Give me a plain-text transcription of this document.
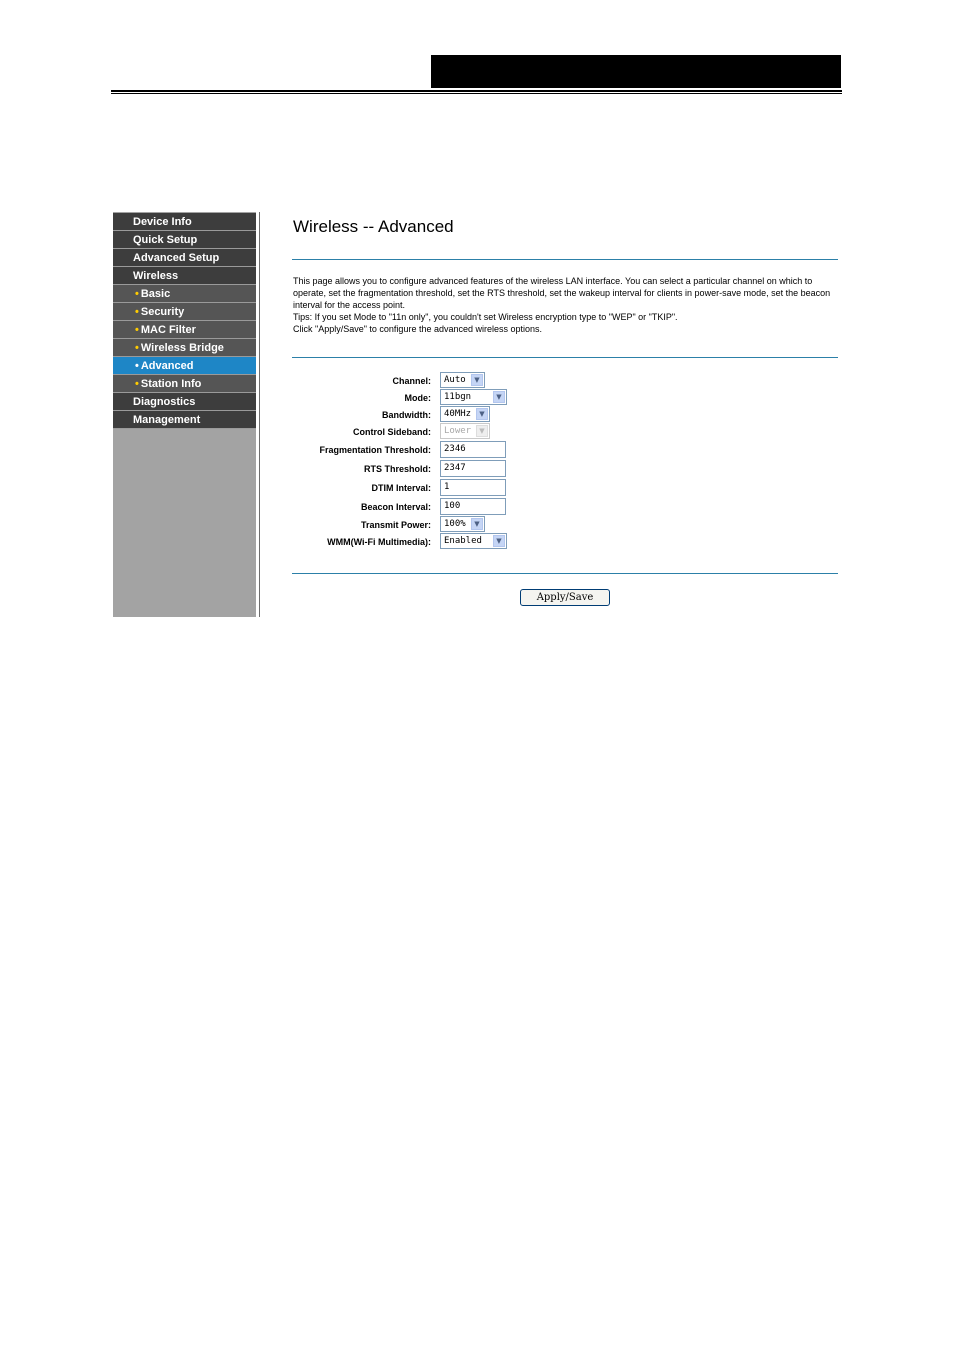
Device Info
Quick Setup
Advanced Setup
Wireless
• Basic
• Security
• MAC Filter
• Wireless Bridge
• Advanced
• Station Info
Diagnostics
Management
Wireless -- Advanced

This page allows you to configure advanced features of the wireless LAN interface. You can select a particular channel on which to operate, set the fragmentation threshold, set the RTS threshold, set the wakeup interval for clients in power-save mode, set the beacon interval for the access point.

Tips: If you set Mode to "11n only", you couldn't set Wireless encryption type to "WEP" or "TKIP".

Click "Apply/Save" to configure the advanced wireless options.

Channel:	Auto	▼
Mode:	11bgn	▼
Bandwidth:	40MHz	▼
Control Sideband:	Lower	▼
Fragmentation Threshold:	2346
RTS Threshold:	2347
DTIM Interval:	1
Beacon Interval:	100
Transmit Power:	100%	▼
WMM(Wi-Fi Multimedia):	Enabled	▼
Apply/Save
